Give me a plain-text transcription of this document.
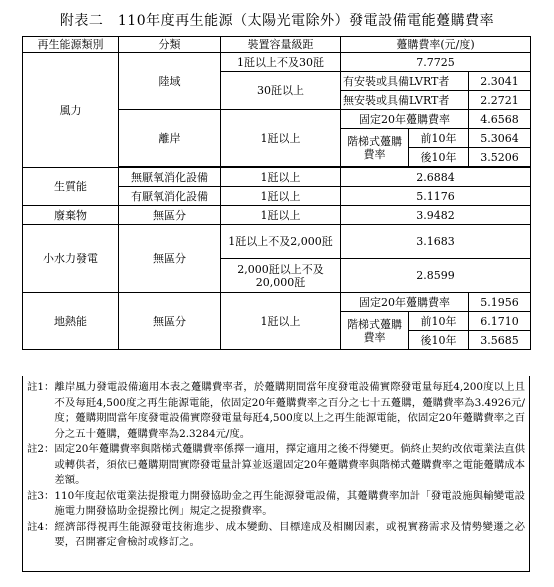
附表二　110年度再生能源（太陽光電除外）發電設備電能躉購費率
再生能源類別	分類	裝置容量級距	躉購費率(元/度)		
風力	陸域	1瓩以上不及30瓩	7.7725		
		30瓩以上	有安裝或具備LVRT者		2.3041
			無安裝或具備LVRT者		2.2721
	離岸	1瓩以上	固定20年躉購費率		4.6568
			階梯式躉購費率	前10年	5.3064
				後10年	3.5206

生質能	無厭氧消化設備	1瓩以上	2.6884		
	有厭氧消化設備	1瓩以上	5.1176		
廢棄物	無區分	1瓩以上	3.9482		
小水力發電	無區分	1瓩以上不及2,000瓩	3.1683		
		2,000瓩以上不及20,000瓩	2.8599		
地熱能	無區分	1瓩以上	固定20年躉購費率		5.1956
			階梯式躉購費率	前10年	6.1710
				後10年	3.5685
註1： 離岸風力發電設備適用本表之躉購費率者，於躉購期間當年度發電設備實際發電量每瓩4,200度以上且不及每瓩4,500度之再生能源電能，依固定20年躉購費率之百分之七十五躉購，躉購費率為3.4926元/度；躉購期間當年度發電設備實際發電量每瓩4,500度以上之再生能源電能，依固定20年躉購費率之百分之五十躉購，躉購費率為2.3284元/度。
註2： 固定20年躉購費率與階梯式躉購費率係擇一適用，擇定適用之後不得變更。倘終止契約改依電業法直供或轉供者，須依已躉購期間實際發電量計算並返還固定20年躉購費率與階梯式躉購費率之電能躉購成本差額。
註3： 110年度起依電業法提撥電力開發協助金之再生能源發電設備，其躉購費率加計「發電設施與輸變電設施電力開發協助金提撥比例」規定之提撥費率。
註4： 經濟部得視再生能源發電技術進步、成本變動、目標達成及相關因素，或視實務需求及情勢變遷之必要，召開審定會檢討或修訂之。
